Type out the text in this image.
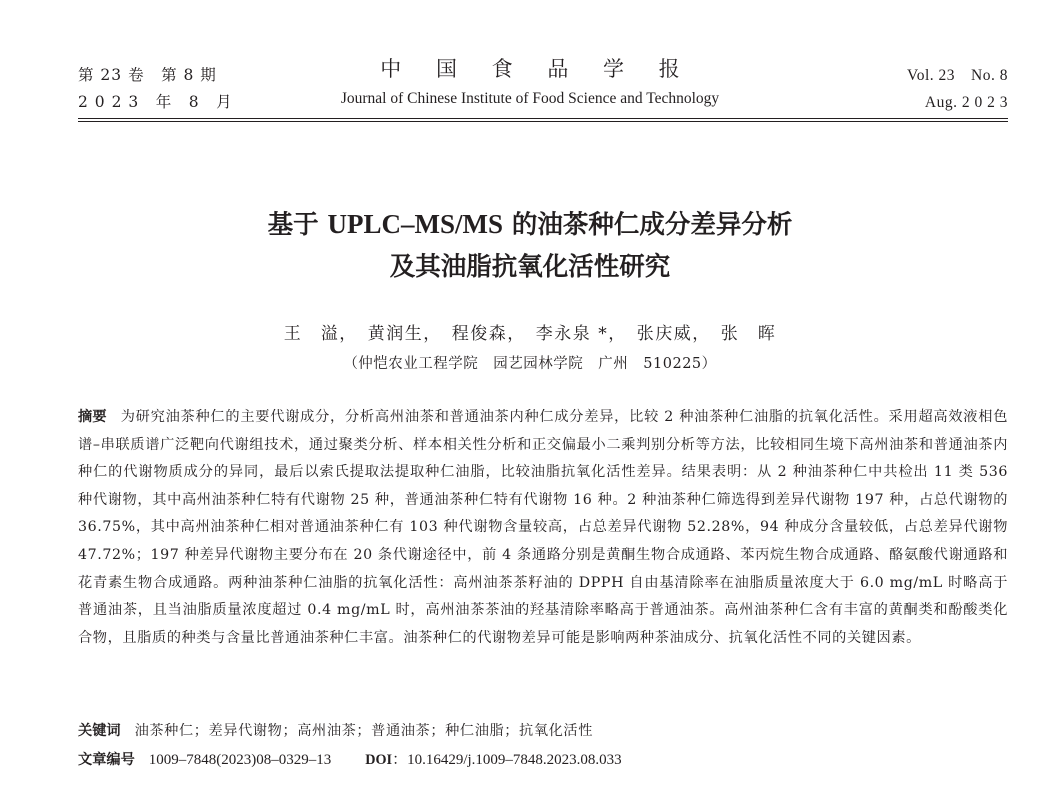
第 23 卷　第 8 期
2 0 2 3　年　8　月
中 国 食 品 学 报
Journal of Chinese Institute of Food Science and Technology
Vol. 23　No. 8
Aug. 2 0 2 3
基于 UPLC–MS/MS 的油茶种仁成分差异分析
及其油脂抗氧化活性研究
王　溢，　黄润生，　程俊森，　李永泉 *，　张庆威，　张　晖
（仲恺农业工程学院　园艺园林学院　广州　510225）
摘要 为研究油茶种仁的主要代谢成分，分析高州油茶和普通油茶内种仁成分差异，比较 2 种油茶种仁油脂的抗氧化活性。采用超高效液相色谱–串联质谱广泛靶向代谢组技术，通过聚类分析、样本相关性分析和正交偏最小二乘判别分析等方法，比较相同生境下高州油茶和普通油茶内种仁的代谢物质成分的异同，最后以索氏提取法提取种仁油脂，比较油脂抗氧化活性差异。结果表明：从 2 种油茶种仁中共检出 11 类 536 种代谢物，其中高州油茶种仁特有代谢物 25 种，普通油茶种仁特有代谢物 16 种。2 种油茶种仁筛选得到差异代谢物 197 种，占总代谢物的 36.75%，其中高州油茶种仁相对普通油茶种仁有 103 种代谢物含量较高，占总差异代谢物 52.28%，94 种成分含量较低，占总差异代谢物 47.72%；197 种差异代谢物主要分布在 20 条代谢途径中，前 4 条通路分别是黄酮生物合成通路、苯丙烷生物合成通路、酪氨酸代谢通路和花青素生物合成通路。两种油茶种仁油脂的抗氧化活性：高州油茶茶籽油的 DPPH 自由基清除率在油脂质量浓度大于 6.0 mg/mL 时略高于普通油茶，且当油脂质量浓度超过 0.4 mg/mL 时，高州油茶茶油的羟基清除率略高于普通油茶。高州油茶种仁含有丰富的黄酮类和酚酸类化合物，且脂质的种类与含量比普通油茶种仁丰富。油茶种仁的代谢物差异可能是影响两种茶油成分、抗氧化活性不同的关键因素。
关键词 油茶种仁；差异代谢物；高州油茶；普通油茶；种仁油脂；抗氧化活性
文章编号 1009–7848(2023)08–0329–13 DOI：10.16429/j.1009–7848.2023.08.033
